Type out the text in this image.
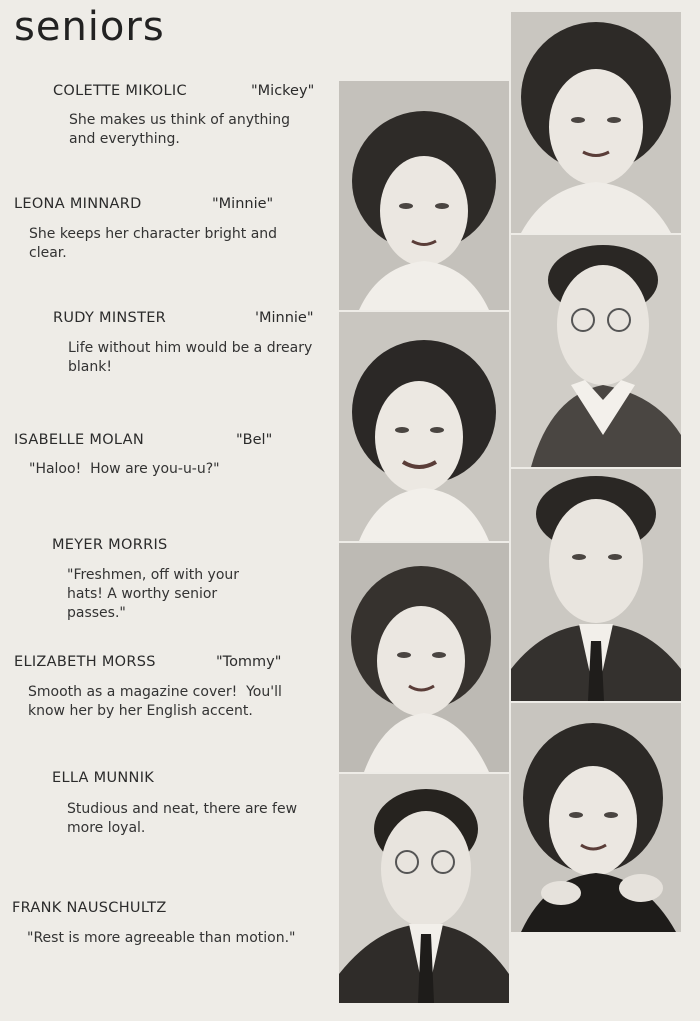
seniors
COLETTE MIKOLIC	"Mickey"
She makes us think of anything and everything.
LEONA MINNARD	"Minnie"
She keeps her character bright and clear.
RUDY MINSTER	'Minnie"
Life without him would be a dreary blank!
ISABELLE MOLAN	"Bel"
"Haloo!  How are you-u-u?"
MEYER MORRIS
"Freshmen, off with your hats! A worthy senior passes."
ELIZABETH MORSS	"Tommy"
Smooth as a magazine cover!  You'll know her by her English accent.
ELLA MUNNIK
Studious and neat, there are few more loyal.
FRANK NAUSCHULTZ
"Rest is more agreeable than motion."
